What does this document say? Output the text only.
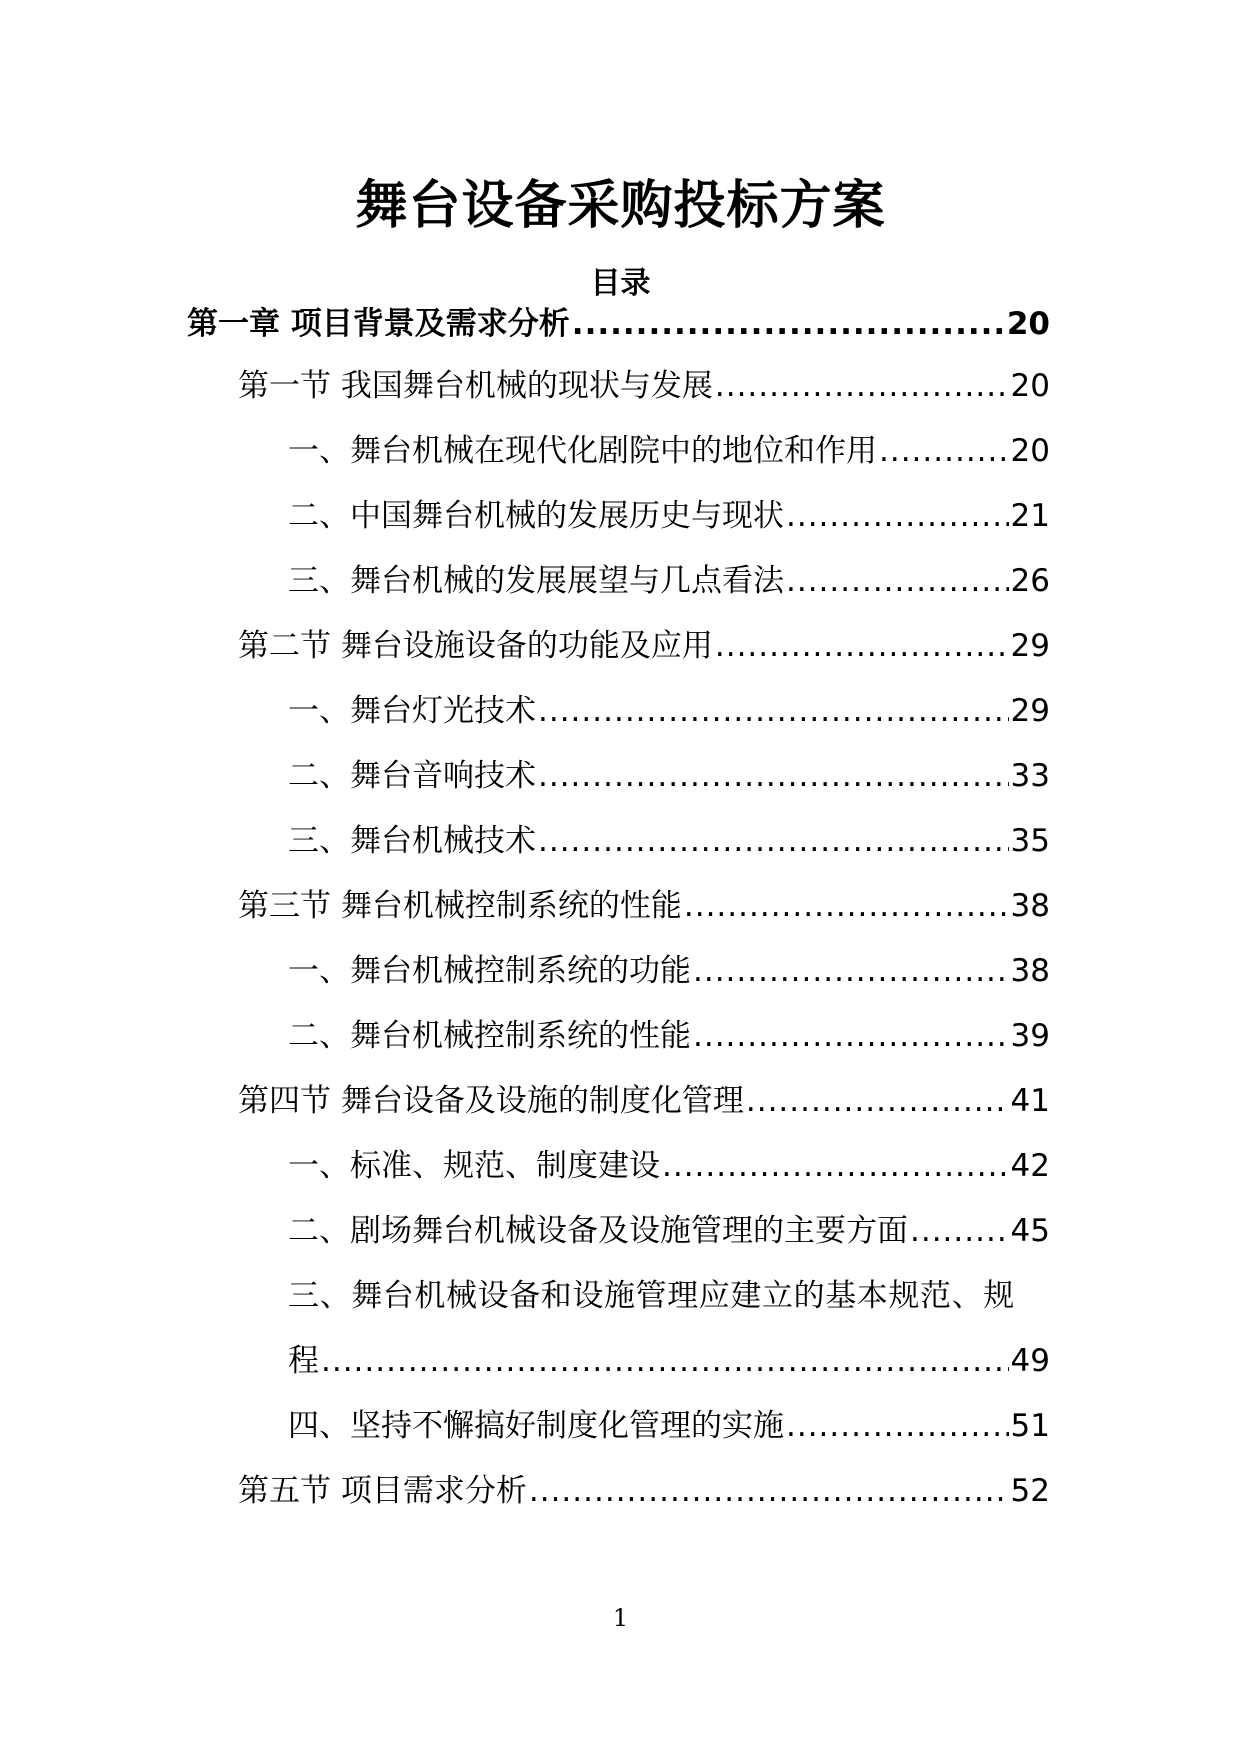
舞台设备采购投标方案
目录
第一章 项目背景及需求分析 .....	20
第一节 我国舞台机械的现状与发展 .....	20
一、舞台机械在现代化剧院中的地位和作用 .....	20
二、中国舞台机械的发展历史与现状 .....	21
三、舞台机械的发展展望与几点看法 .....	26
第二节 舞台设施设备的功能及应用 .....	29
一、舞台灯光技术 .....	29
二、舞台音响技术 .....	33
三、舞台机械技术 .....	35
第三节 舞台机械控制系统的性能 .....	38
一、舞台机械控制系统的功能 .....	38
二、舞台机械控制系统的性能 .....	39
第四节 舞台设备及设施的制度化管理 .....	41
一、标准、规范、制度建设 .....	42
二、剧场舞台机械设备及设施管理的主要方面 .....	45
三、舞台机械设备和设施管理应建立的基本规范、规
程 .....	49
四、坚持不懈搞好制度化管理的实施 .....	51
第五节 项目需求分析 .....	52
1
